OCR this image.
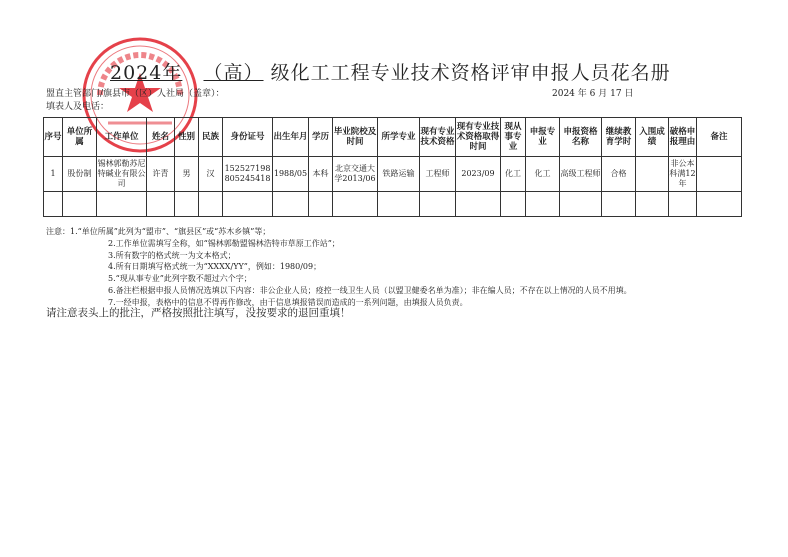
2024年 （高） 级化工工程专业技术资格评审申报人员花名册
盟直主管部门/旗县市（区）人社局（盖章）：
填表人及电话：
2024 年 6 月 17 日
序号	单位所属	工作单位	姓名	性别	民族	身份证号	出生年月	学历	毕业院校及时间	所学专业	现有专业技术资格	现有专业技术资格取得时间	现从事专业	申报专业	申报资格名称	继续教育学时	入围成绩	破格申报理由	备注
1	股份制	锡林郭勒苏尼特碱业有限公司	许青	男	汉	152527198805245418	1988/05	本科	北京交通大学2013/06	铁路运输	工程师	2023/09	化工	化工	高级工程师	合格		非公本科满12年	

注意：1.“单位所属”此列为“盟市”、“旗县区”或“苏木乡镇”等；
2.工作单位需填写全称，如“锡林郭勒盟锡林浩特市草原工作站”；
3.所有数字的格式统一为文本格式；
4.所有日期填写格式统一为“XXXX/YY”，例如：1980/09；
5.“现从事专业”此列字数不超过六个字；
6.备注栏根据申报人员情况选填以下内容：非公企业人员；疫控一线卫生人员（以盟卫健委名单为准）；非在编人员；不存在以上情况的人员不用填。
7.一经申报，表格中的信息不得再作修改，由于信息填报错误而造成的一系列问题，由填报人员负责。
请注意表头上的批注，严格按照批注填写，没按要求的退回重填！
